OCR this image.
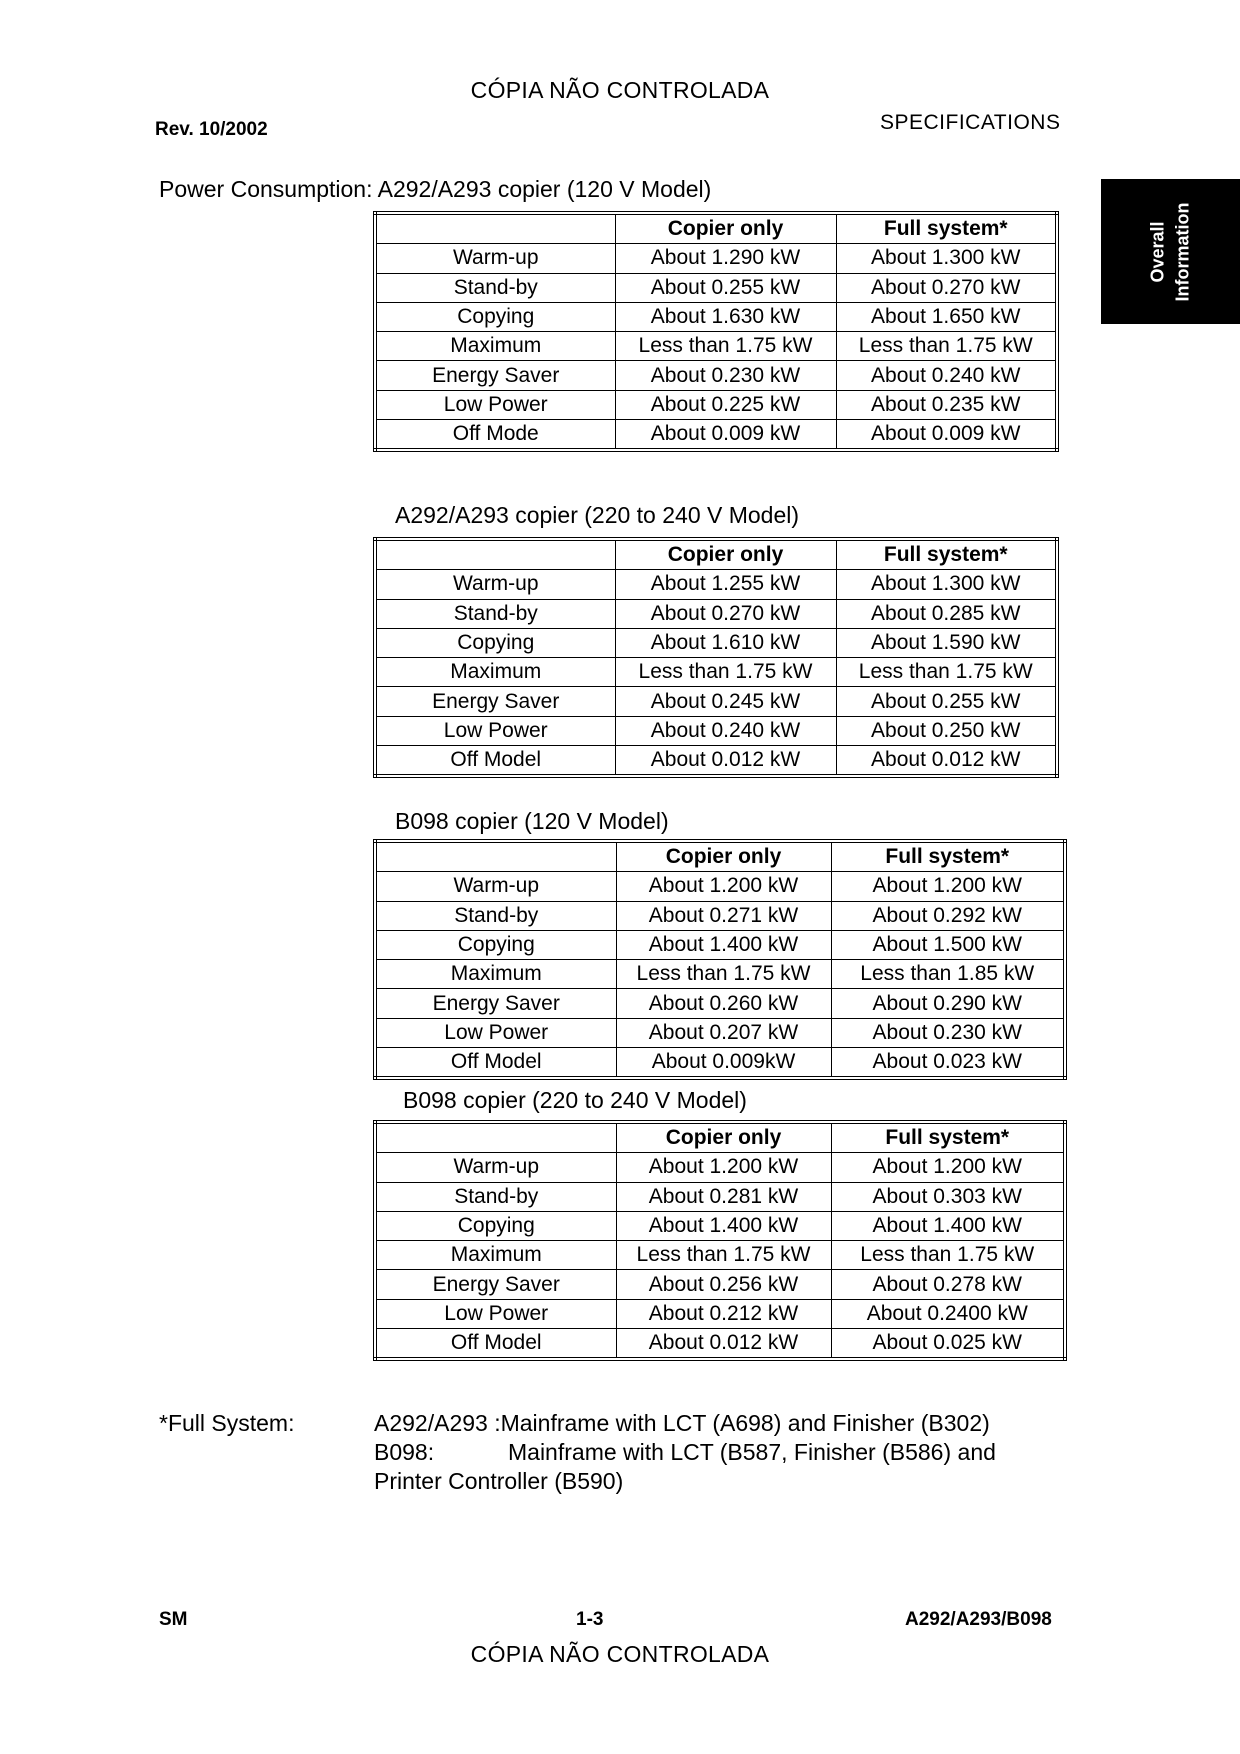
CÓPIA NÃO CONTROLADA
Rev. 10/2002	SPECIFICATIONS
Overall Information
Power Consumption: A292/A293 copier (120 V Model)
	Copier only	Full system*
Warm-up	About 1.290 kW	About 1.300 kW
Stand-by	About 0.255 kW	About 0.270 kW
Copying	About 1.630 kW	About 1.650 kW
Maximum	Less than 1.75 kW	Less than 1.75 kW
Energy Saver	About 0.230 kW	About 0.240 kW
Low Power	About 0.225 kW	About 0.235 kW
Off Mode	About 0.009 kW	About 0.009 kW
A292/A293 copier (220 to 240 V Model)
	Copier only	Full system*
Warm-up	About 1.255 kW	About 1.300 kW
Stand-by	About 0.270 kW	About 0.285 kW
Copying	About 1.610 kW	About 1.590 kW
Maximum	Less than 1.75 kW	Less than 1.75 kW
Energy Saver	About 0.245 kW	About 0.255 kW
Low Power	About 0.240 kW	About 0.250 kW
Off Model	About 0.012 kW	About 0.012 kW
B098 copier (120 V Model)
	Copier only	Full system*
Warm-up	About 1.200 kW	About 1.200 kW
Stand-by	About 0.271 kW	About 0.292 kW
Copying	About 1.400 kW	About 1.500 kW
Maximum	Less than 1.75 kW	Less than 1.85 kW
Energy Saver	About 0.260 kW	About 0.290 kW
Low Power	About 0.207 kW	About 0.230 kW
Off Model	About 0.009kW	About 0.023 kW
B098 copier (220 to 240 V Model)
	Copier only	Full system*
Warm-up	About 1.200 kW	About 1.200 kW
Stand-by	About 0.281 kW	About 0.303 kW
Copying	About 1.400 kW	About 1.400 kW
Maximum	Less than 1.75 kW	Less than 1.75 kW
Energy Saver	About 0.256 kW	About 0.278 kW
Low Power	About 0.212 kW	About 0.2400 kW
Off Model	About 0.012 kW	About 0.025 kW
*Full System:	A292/A293 :Mainframe with LCT (A698) and Finisher (B302)
B098:	Mainframe with LCT (B587, Finisher (B586) and
Printer Controller (B590)
SM	1-3	A292/A293/B098
CÓPIA NÃO CONTROLADA
